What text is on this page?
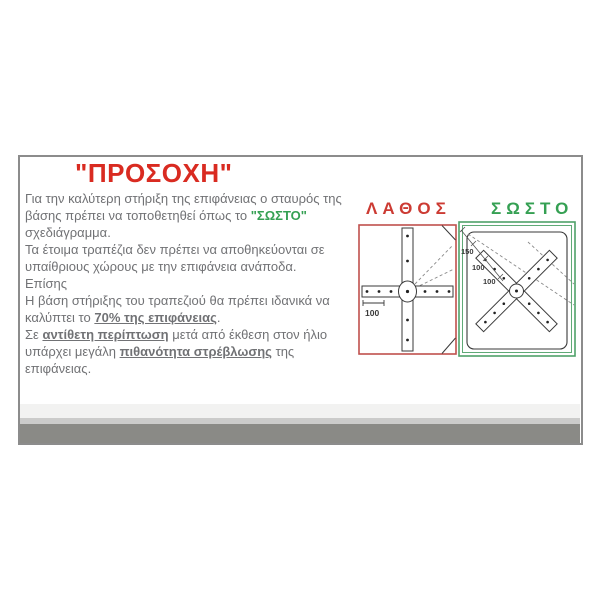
"ΠΡΟΣΟΧΗ"

Για την καλύτερη στήριξη της επιφάνειας ο σταυρός της βάσης πρέπει να τοποθετηθεί όπως το "ΣΩΣΤΟ" σχεδιάγραμμα.

Τα έτοιμα τραπέζια δεν πρέπει να αποθηκεύονται σε υπαίθριους χώρους με την επιφάνεια ανάποδα.

Επίσης

Η βάση στήριξης του τραπεζιού θα πρέπει ιδανικά να καλύπτει το 70% της επιφάνειας.

Σε αντίθετη περίπτωση μετά από έκθεση στον ήλιο υπάρχει μεγάλη πιθανότητα στρέβλωσης της επιφάνειας.

ΛΑΘΟΣ ΣΩΣΤΟ
100
150
100
100
